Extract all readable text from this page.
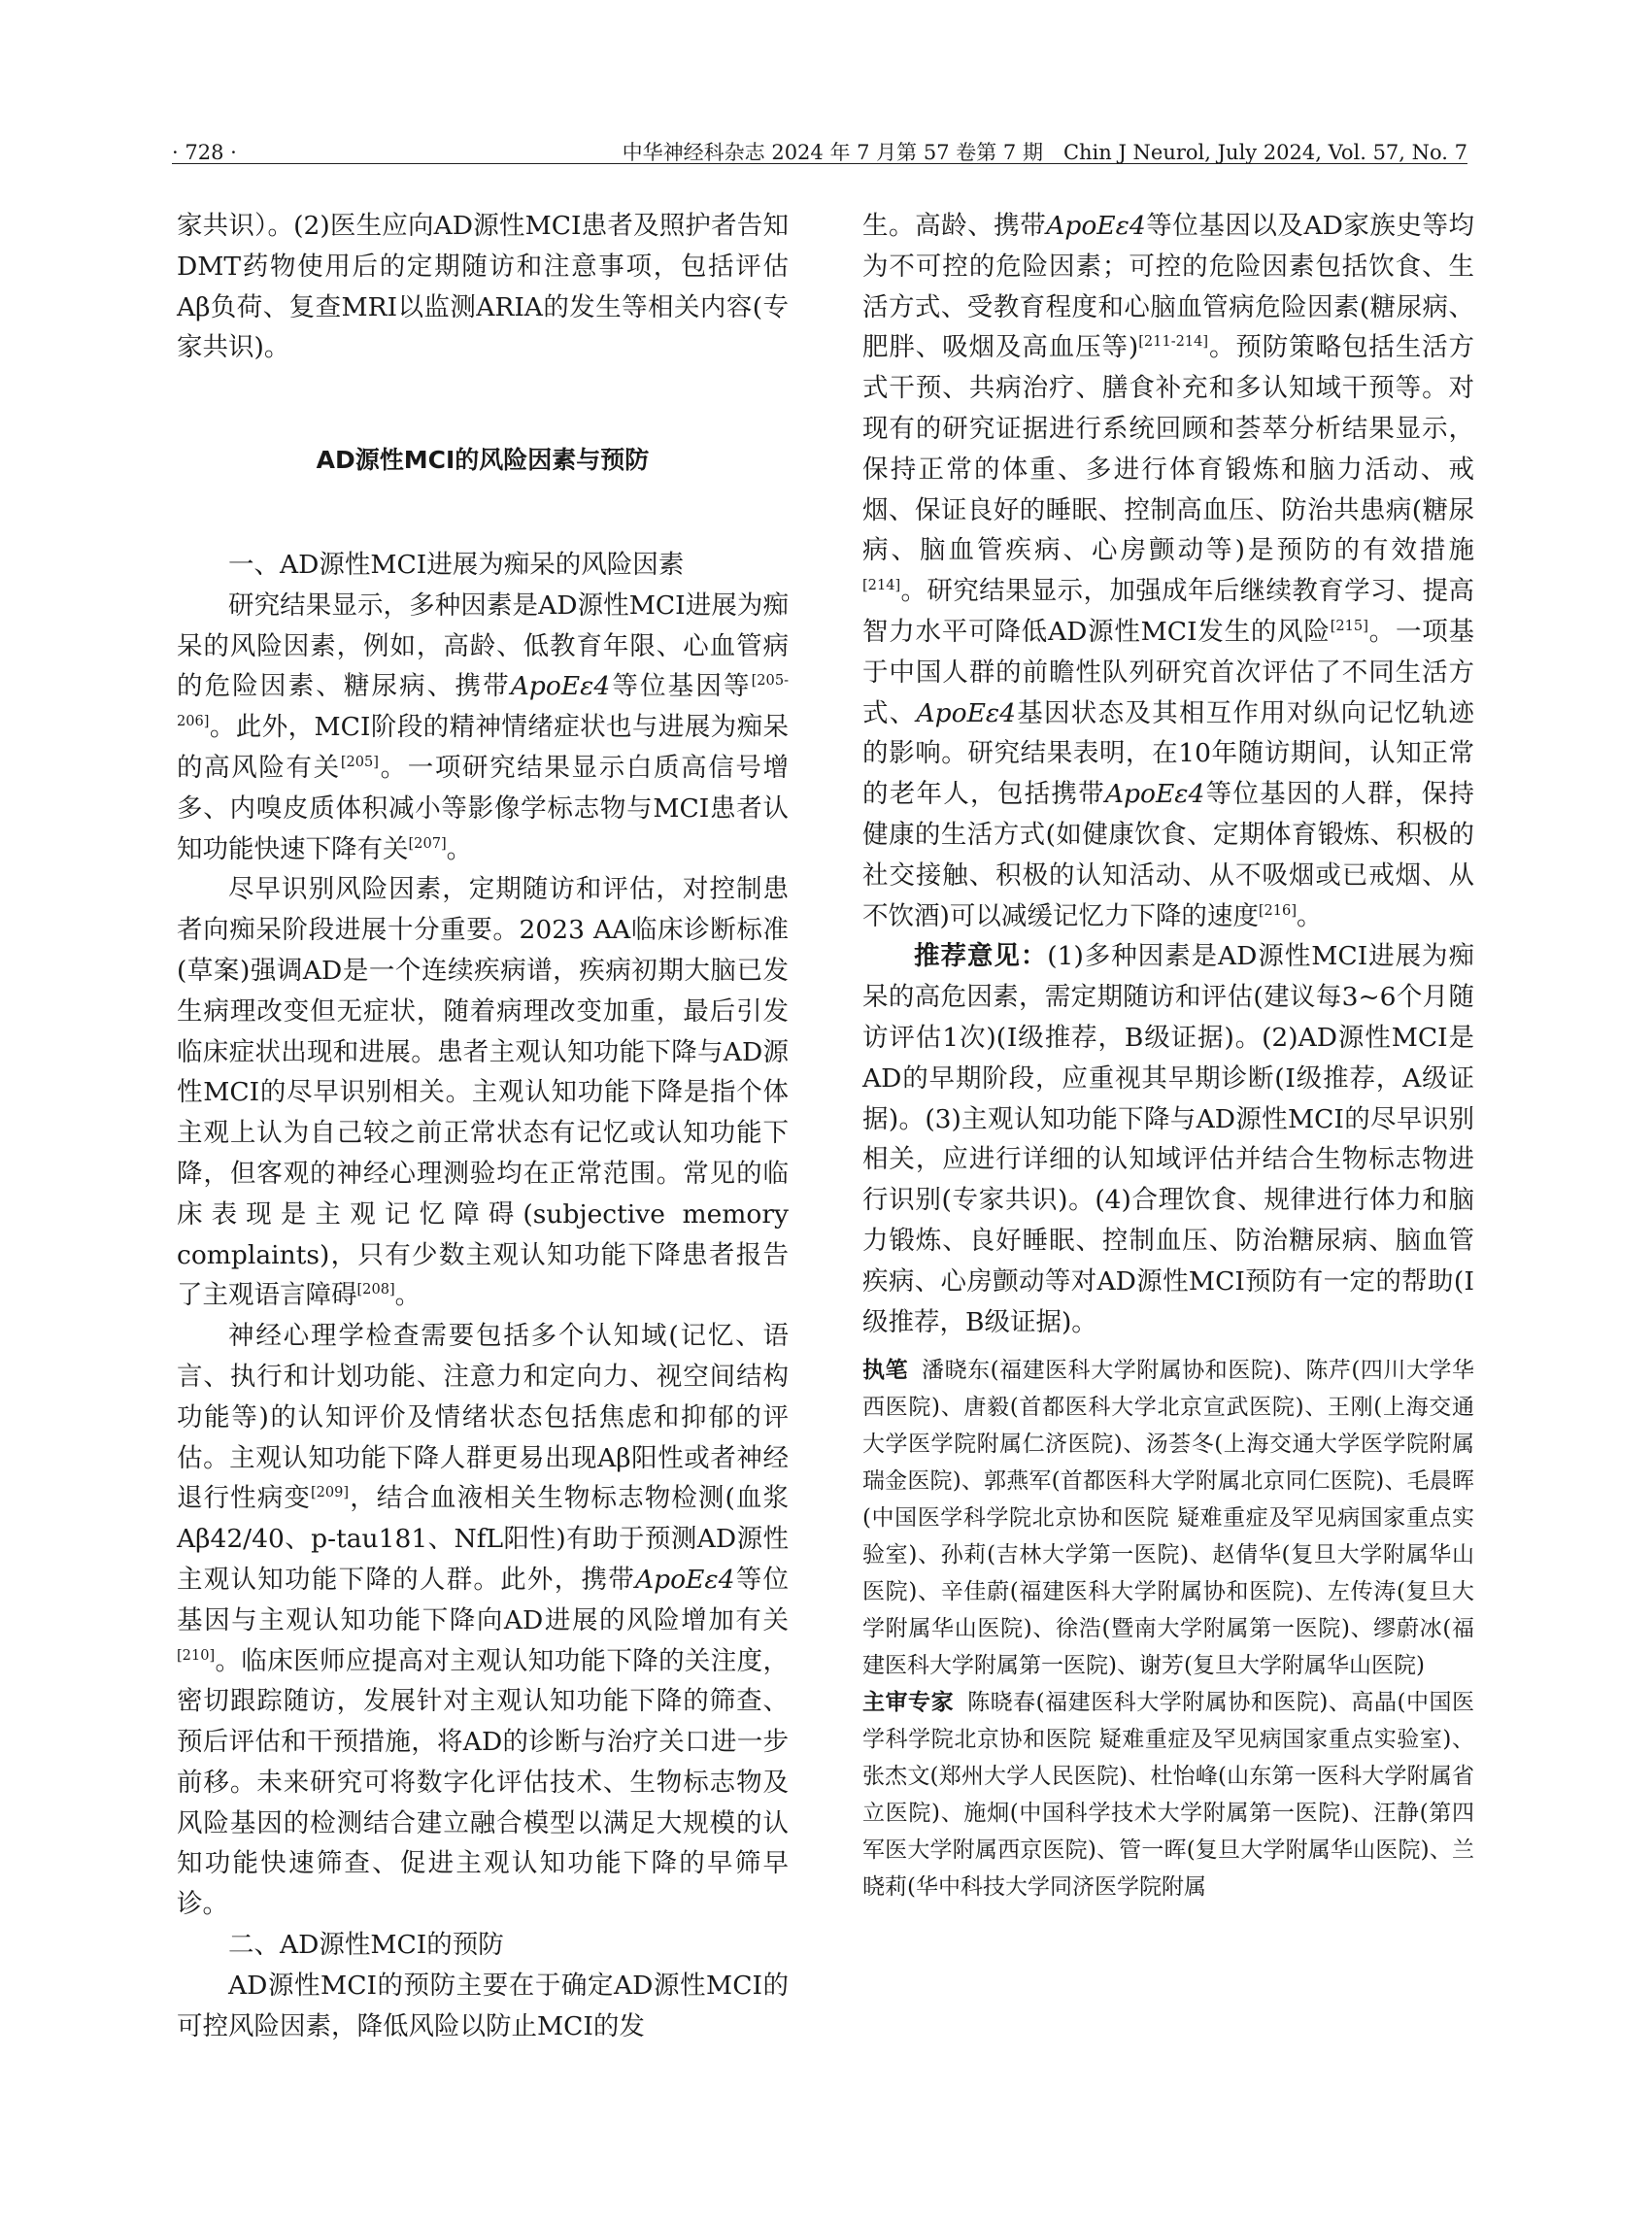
· 728 ·	中华神经科杂志 2024 年 7 月第 57 卷第 7 期　Chin J Neurol, July 2024, Vol. 57, No. 7

家共识）。(2)医生应向AD源性MCI患者及照护者告知DMT药物使用后的定期随访和注意事项，包括评估Aβ负荷、复查MRI以监测ARIA的发生等相关内容(专家共识)。

AD源性MCI的风险因素与预防

一、AD源性MCI进展为痴呆的风险因素

研究结果显示，多种因素是AD源性MCI进展为痴呆的风险因素，例如，高龄、低教育年限、心血管病的危险因素、糖尿病、携带ApoEε4等位基因等[205-206]。此外，MCI阶段的精神情绪症状也与进展为痴呆的高风险有关[205]。一项研究结果显示白质高信号增多、内嗅皮质体积减小等影像学标志物与MCI患者认知功能快速下降有关[207]。

尽早识别风险因素，定期随访和评估，对控制患者向痴呆阶段进展十分重要。2023 AA临床诊断标准(草案)强调AD是一个连续疾病谱，疾病初期大脑已发生病理改变但无症状，随着病理改变加重，最后引发临床症状出现和进展。患者主观认知功能下降与AD源性MCI的尽早识别相关。主观认知功能下降是指个体主观上认为自己较之前正常状态有记忆或认知功能下降，但客观的神经心理测验均在正常范围。常见的临床表现是主观记忆障碍(subjective memory complaints)，只有少数主观认知功能下降患者报告了主观语言障碍[208]。

神经心理学检查需要包括多个认知域(记忆、语言、执行和计划功能、注意力和定向力、视空间结构功能等)的认知评价及情绪状态包括焦虑和抑郁的评估。主观认知功能下降人群更易出现Aβ阳性或者神经退行性病变[209]，结合血液相关生物标志物检测(血浆Aβ42/40、p-tau181、NfL阳性)有助于预测AD源性主观认知功能下降的人群。此外，携带ApoEε4等位基因与主观认知功能下降向AD进展的风险增加有关[210]。临床医师应提高对主观认知功能下降的关注度，密切跟踪随访，发展针对主观认知功能下降的筛查、预后评估和干预措施，将AD的诊断与治疗关口进一步前移。未来研究可将数字化评估技术、生物标志物及风险基因的检测结合建立融合模型以满足大规模的认知功能快速筛查、促进主观认知功能下降的早筛早诊。

二、AD源性MCI的预防

AD源性MCI的预防主要在于确定AD源性MCI的可控风险因素，降低风险以防止MCI的发

生。高龄、携带ApoEε4等位基因以及AD家族史等均为不可控的危险因素；可控的危险因素包括饮食、生活方式、受教育程度和心脑血管病危险因素(糖尿病、肥胖、吸烟及高血压等)[211-214]。预防策略包括生活方式干预、共病治疗、膳食补充和多认知域干预等。对现有的研究证据进行系统回顾和荟萃分析结果显示，保持正常的体重、多进行体育锻炼和脑力活动、戒烟、保证良好的睡眠、控制高血压、防治共患病(糖尿病、脑血管疾病、心房颤动等)是预防的有效措施[214]。研究结果显示，加强成年后继续教育学习、提高智力水平可降低AD源性MCI发生的风险[215]。一项基于中国人群的前瞻性队列研究首次评估了不同生活方式、ApoEε4基因状态及其相互作用对纵向记忆轨迹的影响。研究结果表明，在10年随访期间，认知正常的老年人，包括携带ApoEε4等位基因的人群，保持健康的生活方式(如健康饮食、定期体育锻炼、积极的社交接触、积极的认知活动、从不吸烟或已戒烟、从不饮酒)可以减缓记忆力下降的速度[216]。

推荐意见：(1)多种因素是AD源性MCI进展为痴呆的高危因素，需定期随访和评估(建议每3~6个月随访评估1次)(Ⅰ级推荐，B级证据)。(2)AD源性MCI是AD的早期阶段，应重视其早期诊断(Ⅰ级推荐，A级证据)。(3)主观认知功能下降与AD源性MCI的尽早识别相关，应进行详细的认知域评估并结合生物标志物进行识别(专家共识)。(4)合理饮食、规律进行体力和脑力锻炼、良好睡眠、控制血压、防治糖尿病、脑血管疾病、心房颤动等对AD源性MCI预防有一定的帮助(Ⅰ级推荐，B级证据)。

执笔 潘晓东(福建医科大学附属协和医院)、陈芹(四川大学华西医院)、唐毅(首都医科大学北京宣武医院)、王刚(上海交通大学医学院附属仁济医院)、汤荟冬(上海交通大学医学院附属瑞金医院)、郭燕军(首都医科大学附属北京同仁医院)、毛晨晖(中国医学科学院北京协和医院 疑难重症及罕见病国家重点实验室)、孙莉(吉林大学第一医院)、赵倩华(复旦大学附属华山医院)、辛佳蔚(福建医科大学附属协和医院)、左传涛(复旦大学附属华山医院)、徐浩(暨南大学附属第一医院)、缪蔚冰(福建医科大学附属第一医院)、谢芳(复旦大学附属华山医院)

主审专家 陈晓春(福建医科大学附属协和医院)、高晶(中国医学科学院北京协和医院 疑难重症及罕见病国家重点实验室)、张杰文(郑州大学人民医院)、杜怡峰(山东第一医科大学附属省立医院)、施炯(中国科学技术大学附属第一医院)、汪静(第四军医大学附属西京医院)、管一晖(复旦大学附属华山医院)、兰晓莉(华中科技大学同济医学院附属
